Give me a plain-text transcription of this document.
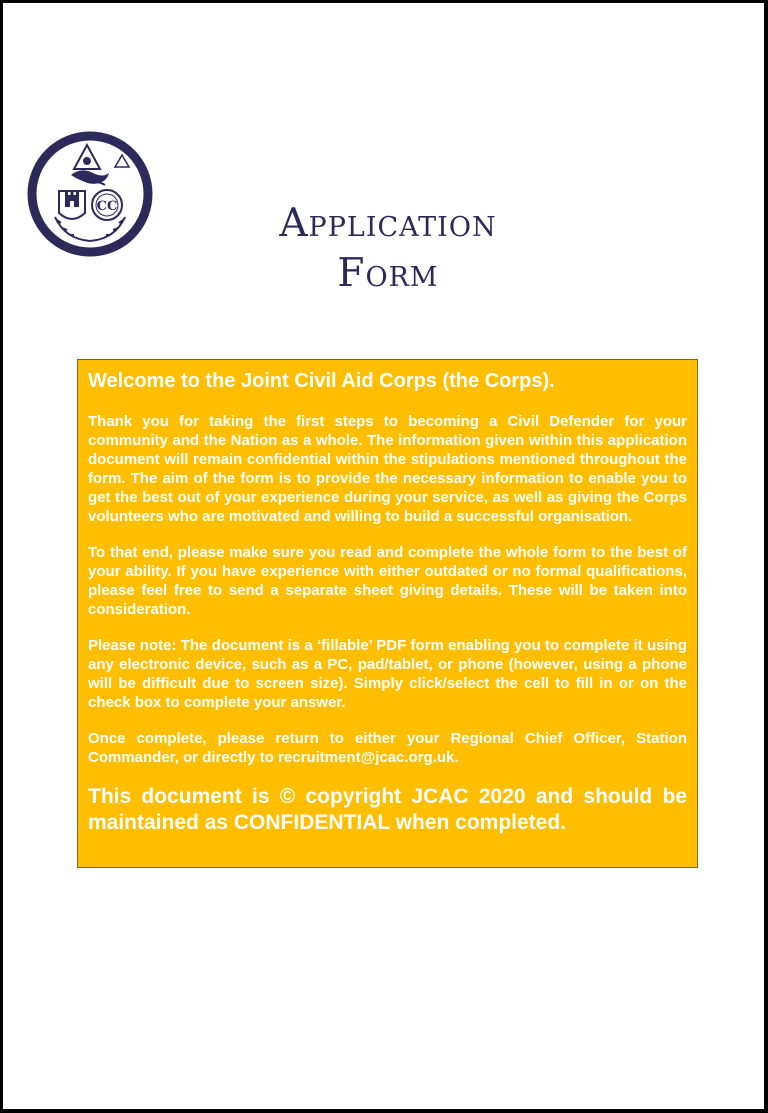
CC	Application
Form
Welcome to the Joint Civil Aid Corps (the Corps).

Thank you for taking the first steps to becoming a Civil Defender for your community and the Nation as a whole. The information given within this application document will remain confidential within the stipulations mentioned throughout the form. The aim of the form is to provide the necessary information to enable you to get the best out of your experience during your service, as well as giving the Corps volunteers who are motivated and willing to build a successful organisation.

To that end, please make sure you read and complete the whole form to the best of your ability. If you have experience with either outdated or no formal qualifications, please feel free to send a separate sheet giving details. These will be taken into consideration.

Please note: The document is a ‘fillable’ PDF form enabling you to complete it using any electronic device, such as a PC, pad/tablet, or phone (however, using a phone will be difficult due to screen size). Simply click/select the cell to fill in or on the check box to complete your answer.

Once complete, please return to either your Regional Chief Officer, Station Commander, or directly to recruitment@jcac.org.uk.

This document is © copyright JCAC 2020 and should be maintained as CONFIDENTIAL when completed.
